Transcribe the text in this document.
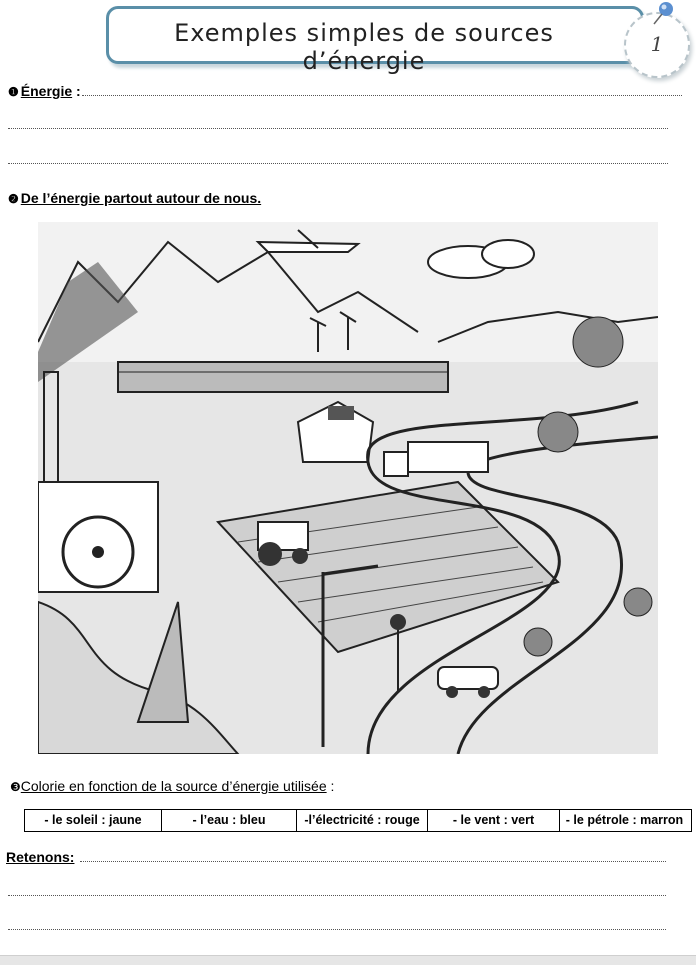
Exemples simples de sources d’énergie
1
❶ Énergie :
❷ De l’énergie partout autour de nous.
❸Colorie en fonction de la source d’énergie utilisée :
- le soleil : jaune	- l’eau : bleu	-l’électricité : rouge	- le vent : vert	- le pétrole : marron
Retenons:
